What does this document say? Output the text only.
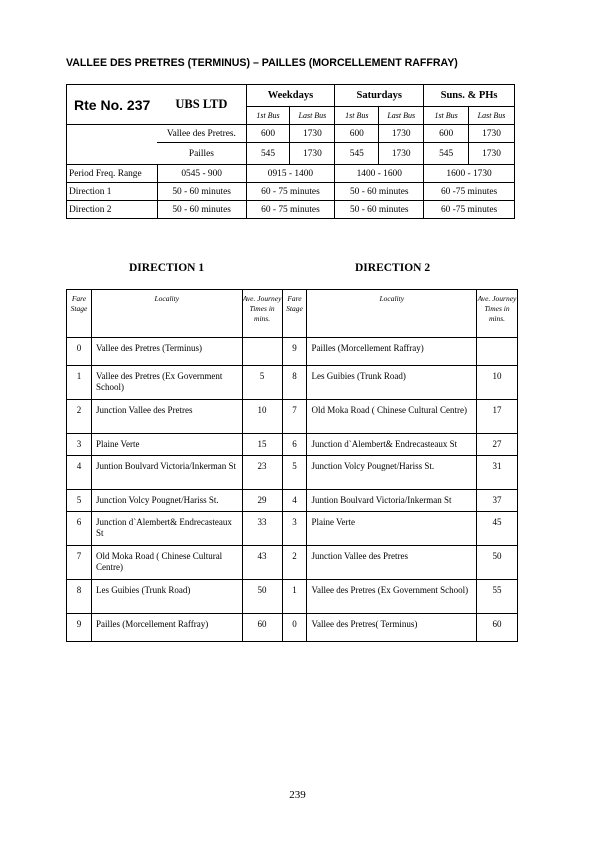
VALLEE DES PRETRES (TERMINUS) – PAILLES (MORCELLEMENT RAFFRAY)
Rte No. 237	UBS LTD	Weekdays		Saturdays		Suns. & PHs	
		1st Bus	Last Bus	1st Bus	Last Bus	1st Bus	Last Bus
	Vallee des Pretres.	600	1730	600	1730	600	1730
	Pailles	545	1730	545	1730	545	1730
Period Freq. Range	0545 - 900	0915 - 1400		1400 - 1600		1600 - 1730	
Direction 1	50 - 60 minutes	60 - 75 minutes		50 - 60 minutes		60 -75 minutes	
Direction 2	50 - 60 minutes	60 - 75 minutes		50 - 60 minutes		60 -75 minutes	
DIRECTION 1	DIRECTION 2
Fare Stage	Locality	Ave. Journey Times in mins.	Fare Stage	Locality	Ave. Journey Times in mins.
0	Vallee des Pretres (Terminus)		9	Pailles (Morcellement Raffray)	
1	Vallee des Pretres (Ex Government School)	5	8	Les Guibies (Trunk Road)	10
2	Junction Vallee des Pretres	10	7	Old Moka Road ( Chinese Cultural Centre)	17
3	Plaine Verte	15	6	Junction d`Alembert& Endrecasteaux St	27
4	Juntion Boulvard Victoria/Inkerman St	23	5	Junction Volcy Pougnet/Hariss St.	31
5	Junction Volcy Pougnet/Hariss St.	29	4	Juntion Boulvard Victoria/Inkerman St	37
6	Junction d`Alembert& Endrecasteaux St	33	3	Plaine Verte	45
7	Old Moka Road ( Chinese Cultural Centre)	43	2	Junction Vallee des Pretres	50
8	Les Guibies (Trunk Road)	50	1	Vallee des Pretres (Ex Government School)	55
9	Pailles (Morcellement Raffray)	60	0	Vallee des Pretres( Terminus)	60
239
